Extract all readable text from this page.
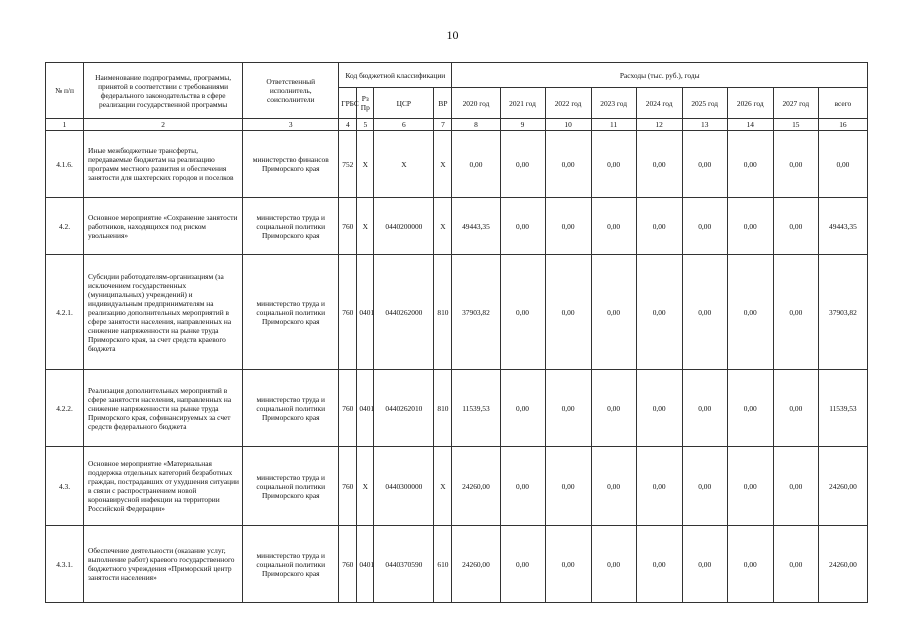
10
№ п/п	Наименование подпрограммы, программы, принятой в соответствии с требованиями федерального законодательства в сфере реализации государственной программы	Ответственный исполнитель, соисполнители	Код бюджетной классификации				Расходы (тыс. руб.), годы								
			ГРБС	Рз Пр	ЦСР	ВР	2020 год	2021 год	2022 год	2023 год	2024 год	2025 год	2026 год	2027 год	всего
1	2	3	4	5	6	7	8	9	10	11	12	13	14	15	16
4.1.6.	Иные межбюджетные трансферты, передаваемые бюджетам на реализацию программ местного развития и обеспечения занятости для шахтерских городов и поселков	министерство финансов Приморского края	752	Х	Х	Х	0,00	0,00	0,00	0,00	0,00	0,00	0,00	0,00	0,00
4.2.	Основное мероприятие «Сохранение занятости работников, находящихся под риском увольнения»	министерство труда и социальной политики Приморского края	760	Х	0440200000	Х	49443,35	0,00	0,00	0,00	0,00	0,00	0,00	0,00	49443,35
4.2.1.	Субсидии работодателям-организациям (за исключением государственных (муниципальных) учреждений) и индивидуальным предпринимателям на реализацию дополнительных мероприятий в сфере занятости населения, направленных на снижение напряженности на рынке труда Приморского края, за счет средств краевого бюджета	министерство труда и социальной политики Приморского края	760	0401	0440262000	810	37903,82	0,00	0,00	0,00	0,00	0,00	0,00	0,00	37903,82
4.2.2.	Реализация дополнительных мероприятий в сфере занятости населения, направленных на снижение напряженности на рынке труда Приморского края, софинансируемых за счет средств федерального бюджета	министерство труда и социальной политики Приморского края	760	0401	0440262010	810	11539,53	0,00	0,00	0,00	0,00	0,00	0,00	0,00	11539,53
4.3.	Основное мероприятие «Материальная поддержка отдельных категорий безработных граждан, пострадавших от ухудшения ситуации в связи с распространением новой коронавирусной инфекции на территории Российской Федерации»	министерство труда и социальной политики Приморского края	760	Х	0440300000	Х	24260,00	0,00	0,00	0,00	0,00	0,00	0,00	0,00	24260,00
4.3.1.	Обеспечение деятельности (оказание услуг, выполнение работ) краевого государственного бюджетного учреждения «Приморский центр занятости населения»	министерство труда и социальной политики Приморского края	760	0401	0440370590	610	24260,00	0,00	0,00	0,00	0,00	0,00	0,00	0,00	24260,00
